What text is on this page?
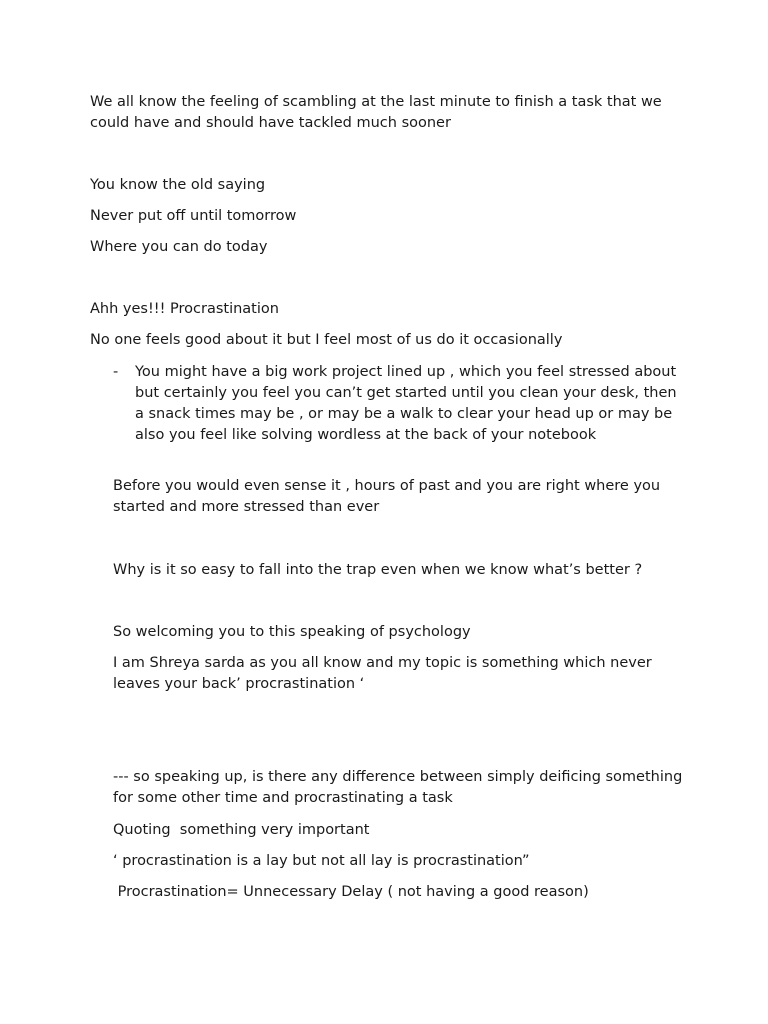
We all know the feeling of scambling at the last minute to finish a task that we could have and should have tackled much sooner

You know the old saying

Never put off until tomorrow

Where you can do today

Ahh yes!!! Procrastination

No one feels good about it but I feel most of us do it occasionally

- You might have a big work project lined up , which you feel stressed about but certainly you feel you can’t get started until you clean your desk, then a snack times may be , or may be a walk to clear your head up or may be also you feel like solving wordless at the back of your notebook

Before you would even sense it , hours of past and you are right where you started and more stressed than ever

Why is it so easy to fall into the trap even when we know what’s better ?

So welcoming you to this speaking of psychology

I am Shreya sarda as you all know and my topic is something which never leaves your back’ procrastination ‘

--- so speaking up, is there any difference between simply deificing something for some other time and procrastinating a task

Quoting  something very important

‘ procrastination is a lay but not all lay is procrastination”

Procrastination= Unnecessary Delay ( not having a good reason)
